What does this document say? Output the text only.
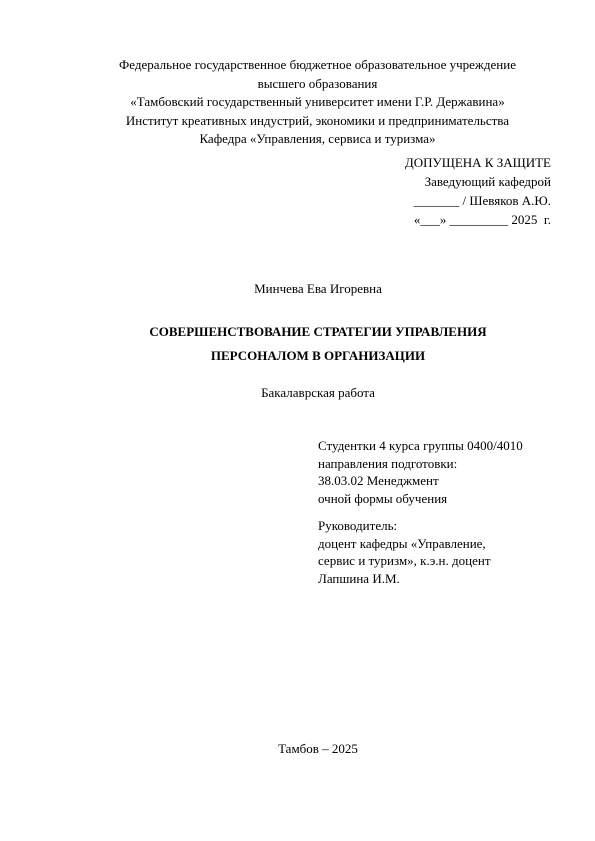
Федеральное государственное бюджетное образовательное учреждение
высшего образования
«Тамбовский государственный университет имени Г.Р. Державина»
Институт креативных индустрий, экономики и предпринимательства
Кафедра «Управления, сервиса и туризма»
ДОПУЩЕНА К ЗАЩИТЕ
Заведующий кафедрой
_______ / Шевяков А.Ю.
«___» _________ 2025  г.
Минчева Ева Игоревна
СОВЕРШЕНСТВОВАНИЕ СТРАТЕГИИ УПРАВЛЕНИЯ
ПЕРСОНАЛОМ В ОРГАНИЗАЦИИ
Бакалаврская работа
Студентки 4 курса группы 0400/4010
направления подготовки:
38.03.02 Менеджмент
очной формы обучения
Руководитель:
доцент кафедры «Управление,
сервис и туризм», к.э.н. доцент
Лапшина И.М.
Тамбов – 2025
